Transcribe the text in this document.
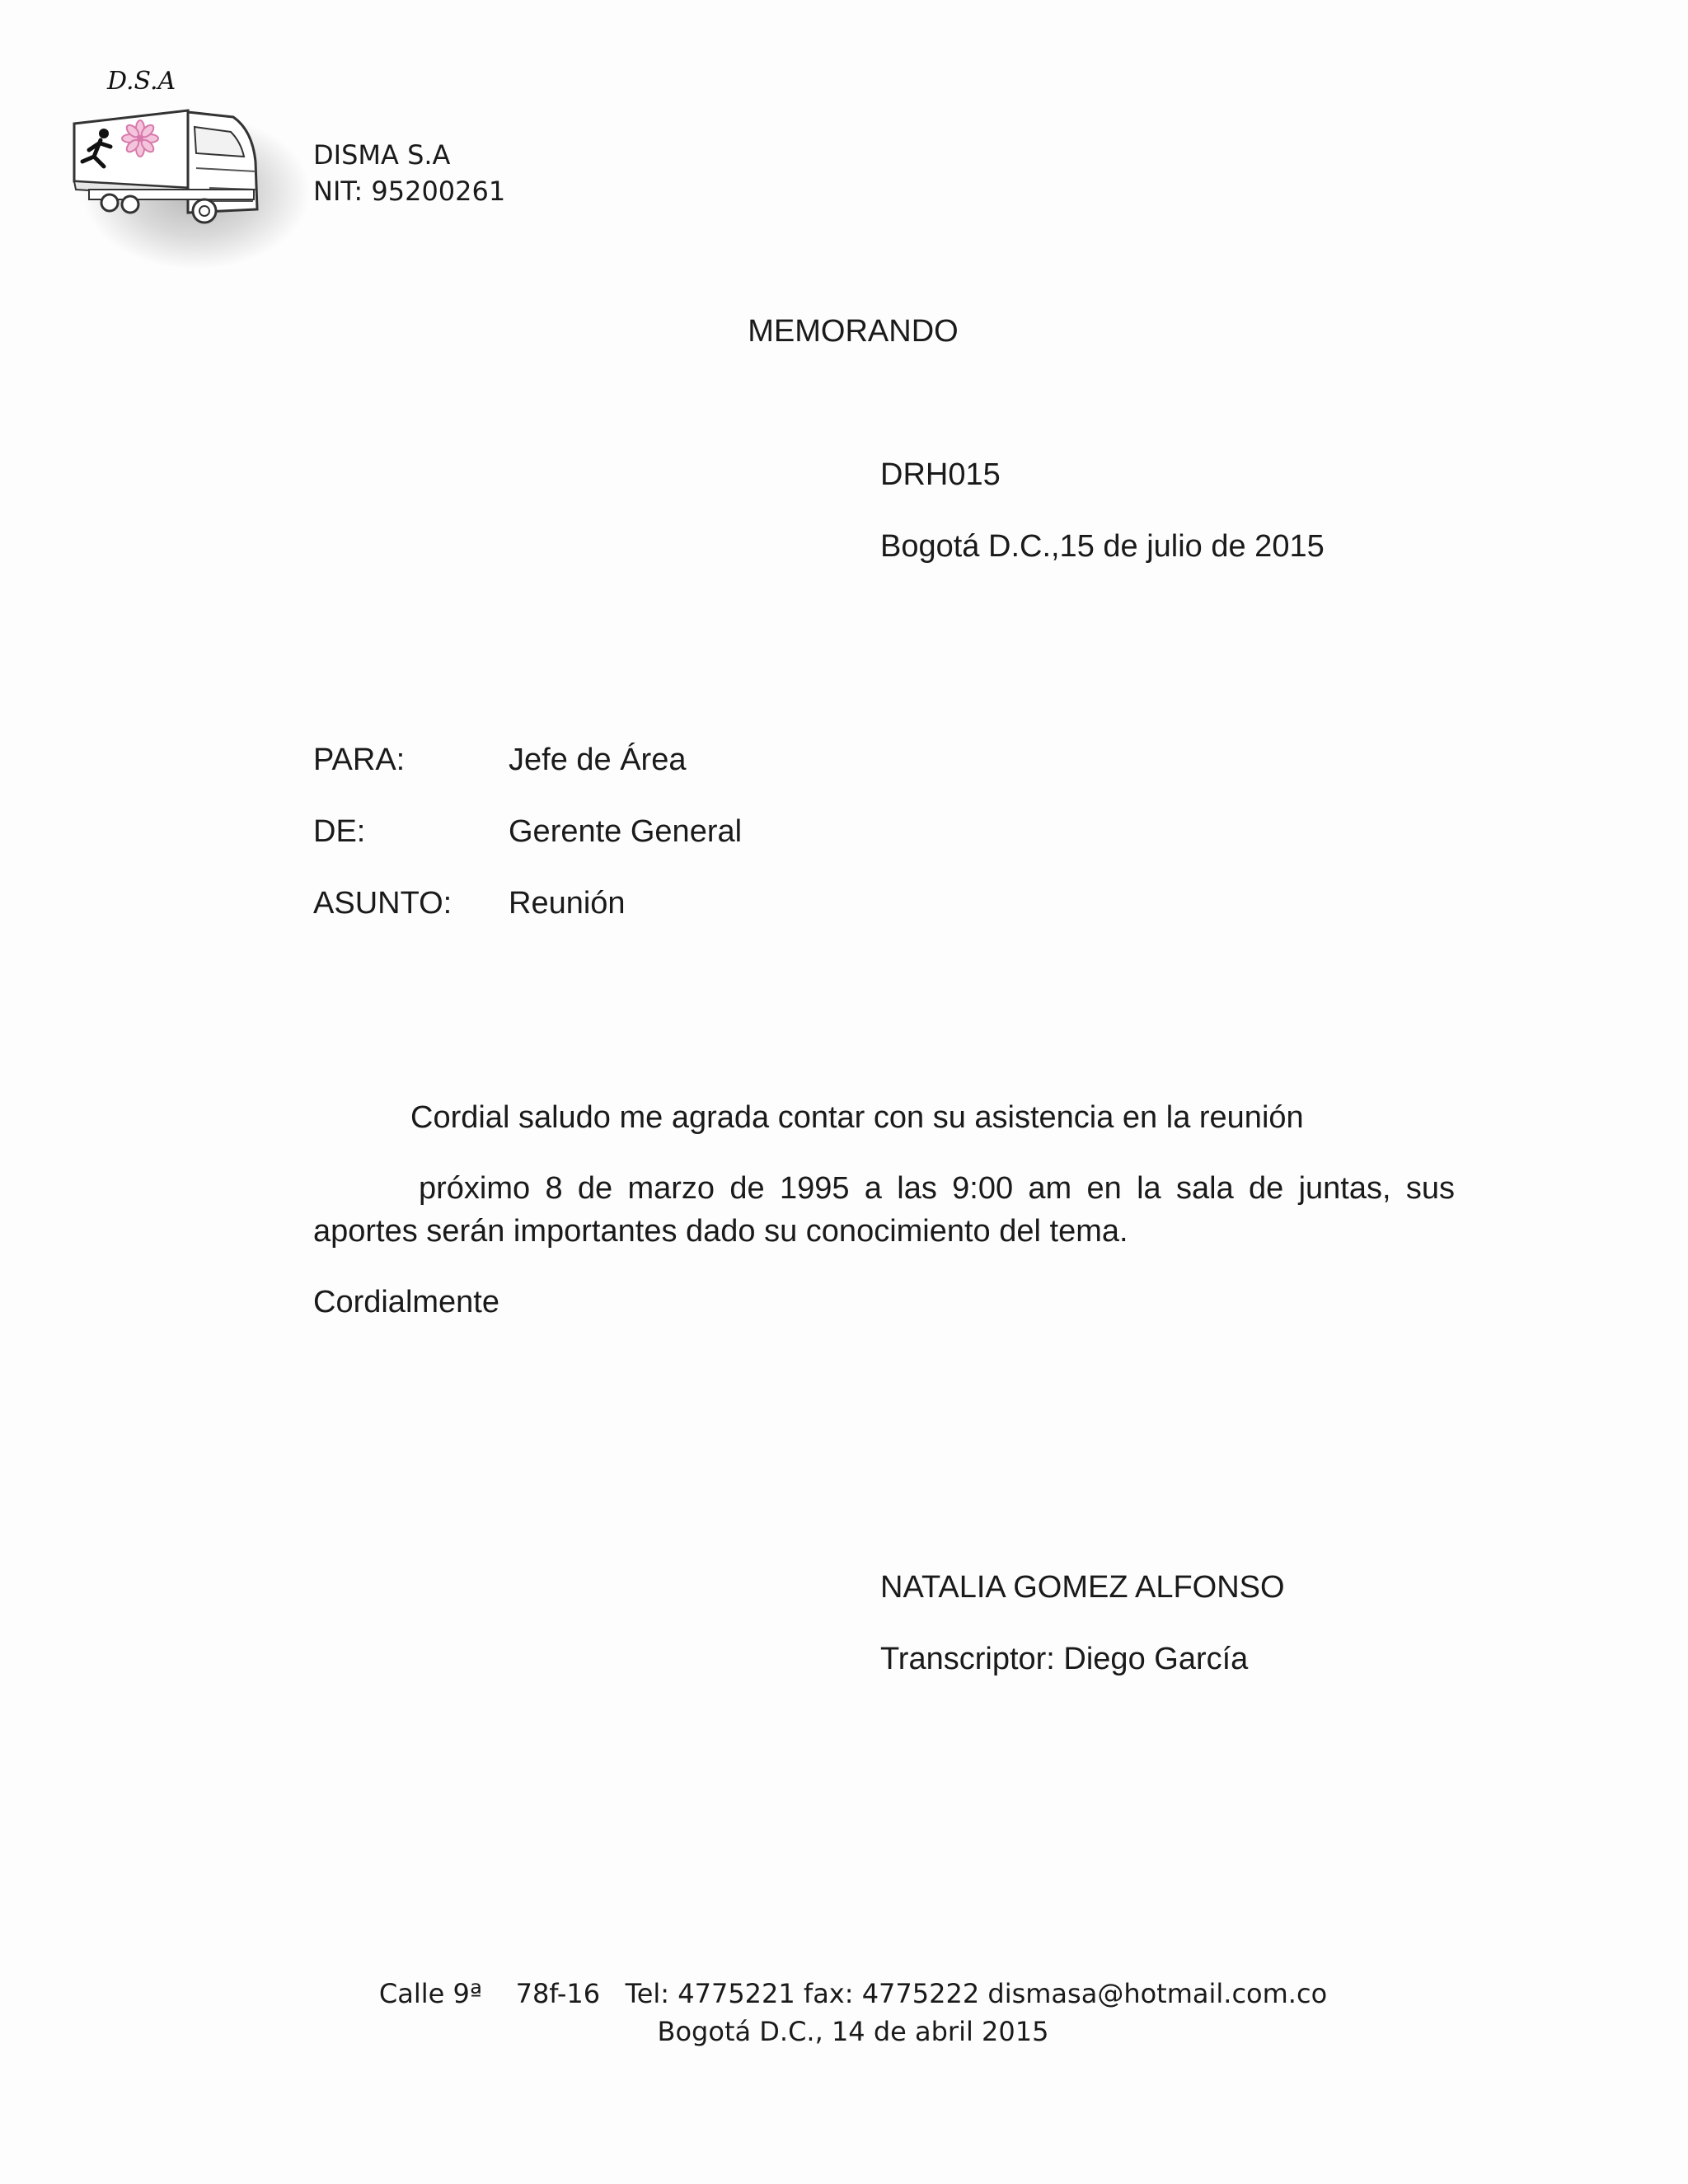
D.S.A
DISMA S.A
NIT: 95200261
MEMORANDO
DRH015
Bogotá D.C.,15 de julio de 2015
PARA:	Jefe de Área
DE:	Gerente General
ASUNTO:	Reunión
Cordial saludo me agrada contar con su asistencia en la reunión
próximo 8 de marzo de 1995 a las 9:00 am en la sala de juntas, sus aportes serán importantes dado su conocimiento del tema.
Cordialmente
NATALIA GOMEZ ALFONSO
Transcriptor: Diego García
Calle 9ª    78f-16   Tel: 4775221 fax: 4775222 dismasa@hotmail.com.co
Bogotá D.C., 14 de abril 2015
